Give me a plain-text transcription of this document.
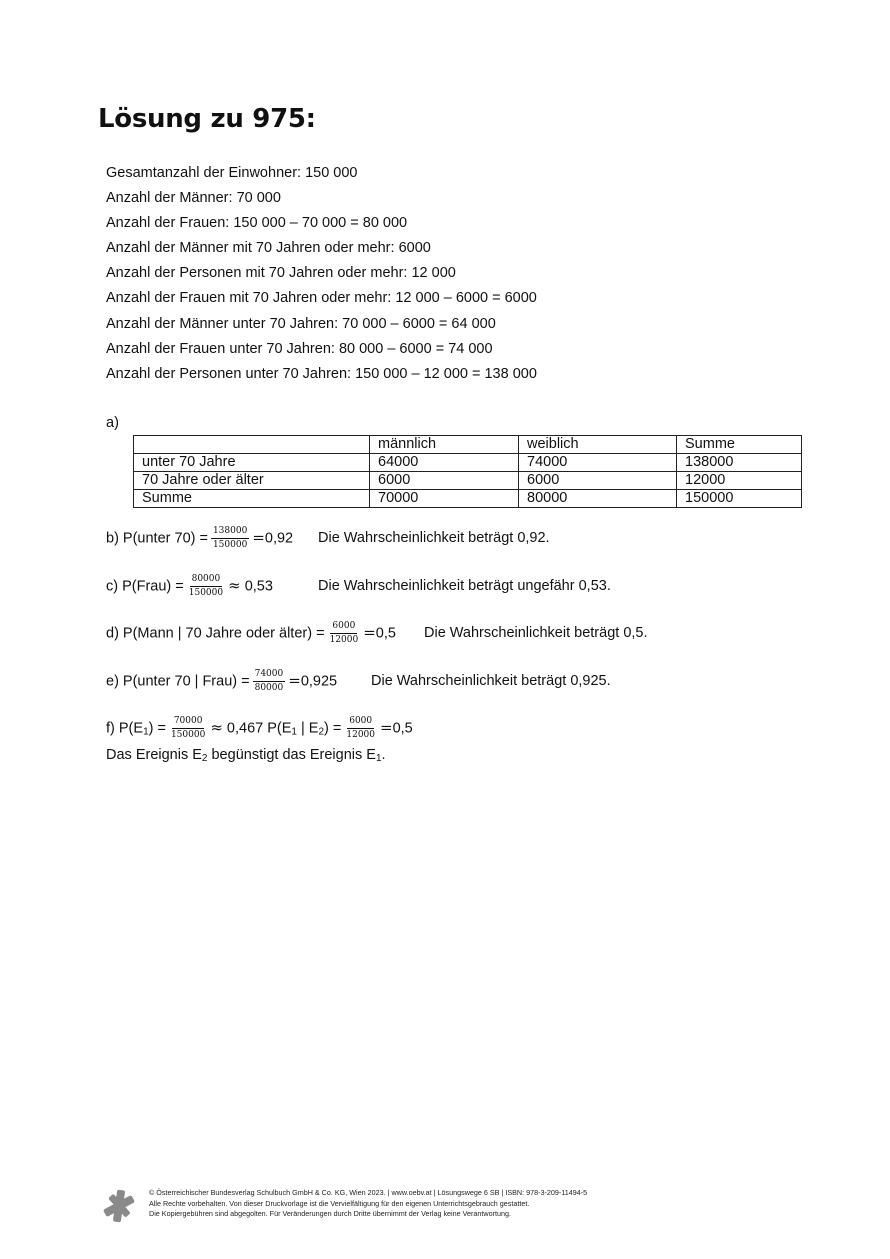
Lösung zu 975:
Gesamtanzahl der Einwohner: 150 000
Anzahl der Männer: 70 000
Anzahl der Frauen: 150 000 – 70 000 = 80 000
Anzahl der Männer mit 70 Jahren oder mehr: 6000
Anzahl der Personen mit 70 Jahren oder mehr: 12 000
Anzahl der Frauen mit 70 Jahren oder mehr: 12 000 – 6000 = 6000
Anzahl der Männer unter 70 Jahren: 70 000 – 6000 = 64 000
Anzahl der Frauen unter 70 Jahren: 80 000 – 6000 = 74 000
Anzahl der Personen unter 70 Jahren: 150 000 – 12 000 = 138 000
a)
	männlich	weiblich	Summe
unter 70 Jahre	64000	74000	138000
70 Jahre oder älter	6000	6000	12000
Summe	70000	80000	150000
b) P(unter $70) = \frac{138000}{150000} =0,92$ Die Wahrscheinlichkeit beträgt 0,92.
c) P(Frau) = $\frac{80000}{150000} \approx 0,53$	Die Wahrscheinlichkeit beträgt ungefähr 0,53.
d) P(Mann | 70 Jahre oder älter) = $\frac{6000}{12000} =0,5$ Die Wahrscheinlichkeit beträgt 0,5.
e) P(unter 70 | Frau) = $\frac{74000}{80000} =0,925$ Die Wahrscheinlichkeit beträgt 0,925.
f) $P(E_1) = \frac{70000}{150000} \approx 0,467$ $P(E_1$ | $E_2) = \frac{6000}{12000} =0,5$
Das Ereignis $E_2$ begünstigt das Ereignis $E_1$.
© Österreichischer Bundesverlag Schulbuch GmbH & Co. KG, Wien 2023. | www.oebv.at | Lösungswege 6 SB | ISBN: 978-3-209-11494-5
Alle Rechte vorbehalten. Von dieser Druckvorlage ist die Vervielfältigung für den eigenen Unterrichtsgebrauch gestattet.
Die Kopiergebühren sind abgegolten. Für Veränderungen durch Dritte übernimmt der Verlag keine Verantwortung.
